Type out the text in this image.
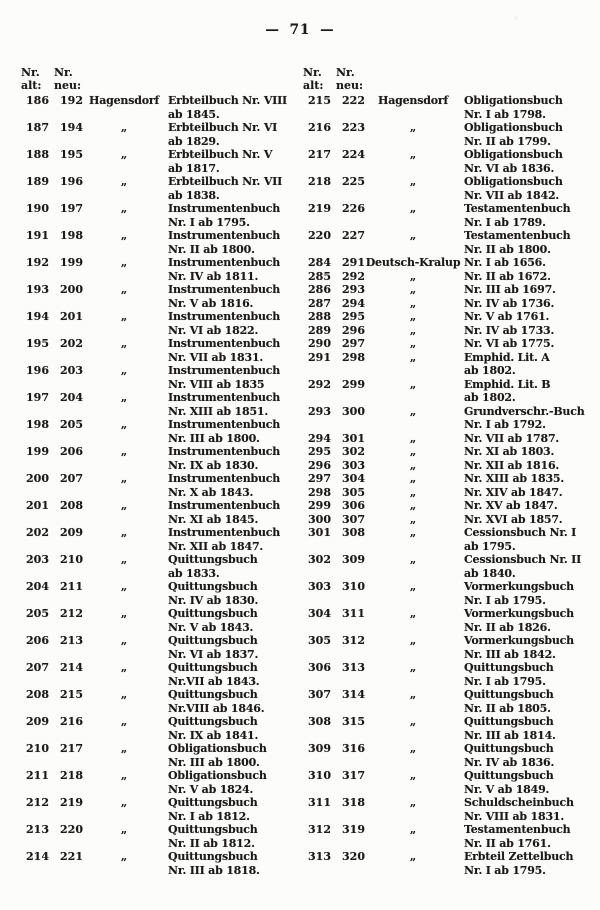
— 71 —
Nr.
alt:
Nr.
neu:
186	192 Hagensdorf Erbteilbuch Nr. VIII
ab 1845.
187	194	„	Erbteilbuch Nr. VI
ab 1829.
188	195	„	Erbteilbuch Nr. V
ab 1817.
189	196	„	Erbteilbuch Nr. VII
ab 1838.
190	197	„	Instrumentenbuch
Nr. I ab 1795.
191	198	„	Instrumentenbuch
Nr. II ab 1800.
192	199	„	Instrumentenbuch
Nr. IV ab 1811.
193	200	„	Instrumentenbuch
Nr. V ab 1816.
194	201	„	Instrumentenbuch
Nr. VI ab 1822.
195	202	„	Instrumentenbuch
Nr. VII ab 1831.
196	203	„	Instrumentenbuch
Nr. VIII ab 1835
197	204	„	Instrumentenbuch
Nr. XIII ab 1851.
198	205	„	Instrumentenbuch
Nr. III ab 1800.
199	206	„	Instrumentenbuch
Nr. IX ab 1830.
200	207	„	Instrumentenbuch
Nr. X ab 1843.
201	208	„	Instrumentenbuch
Nr. XI ab 1845.
202	209	„	Instrumentenbuch
Nr. XII ab 1847.
203	210	„	Quittungsbuch
ab 1833.
204	211	„	Quittungsbuch
Nr. IV ab 1830.
205	212	„	Quittungsbuch
Nr. V ab 1843.
206	213	„	Quittungsbuch
Nr. VI ab 1837.
207	214	„	Quittungsbuch
Nr.VII ab 1843.
208	215	„	Quittungsbuch
Nr.VIII ab 1846.
209	216	„	Quittungsbuch
Nr. IX ab 1841.
210	217	„	Obligationsbuch
Nr. III ab 1800.
211	218	„	Obligationsbuch
Nr. V ab 1824.
212	219	„	Quittungsbuch
Nr. I ab 1812.
213	220	„	Quittungsbuch
Nr. II ab 1812.
214	221	„	Quittungsbuch
Nr. III ab 1818.
Nr.
alt:
Nr.
neu:
215	222	Hagensdorf	Obligationsbuch
Nr. I ab 1798.
216	223	„	Obligationsbuch
Nr. II ab 1799.
217	224	„	Obligationsbuch
Nr. VI ab 1836.
218	225	„	Obligationsbuch
Nr. VII ab 1842.
219	226	„	Testamentenbuch
Nr. I ab 1789.
220	227	„	Testamentenbuch
Nr. II ab 1800.
284	291 Deutsch-Kralup Nr. I ab 1656.
285	292	„	Nr. II ab 1672.
286	293	„	Nr. III ab 1697.
287	294	„	Nr. IV ab 1736.
288	295	„	Nr. V ab 1761.
289	296	„	Nr. IV ab 1733.
290	297	„	Nr. VI ab 1775.
291	298	„	Emphid. Lit. A
ab 1802.
292	299	„	Emphid. Lit. B
ab 1802.
293	300	„	Grundverschr.-Buch
Nr. I ab 1792.
294	301	„	Nr. VII ab 1787.
295	302	„	Nr. XI ab 1803.
296	303	„	Nr. XII ab 1816.
297	304	„	Nr. XIII ab 1835.
298	305	„	Nr. XIV ab 1847.
299	306	„	Nr. XV ab 1847.
300	307	„	Nr. XVI ab 1857.
301	308	„	Cessionsbuch Nr. I
ab 1795.
302	309	„	Cessionsbuch Nr. II
ab 1840.
303	310	„	Vormerkungsbuch
Nr. I ab 1795.
304	311	„	Vormerkungsbuch
Nr. II ab 1826.
305	312	„	Vormerkungsbuch
Nr. III ab 1842.
306	313	„	Quittungsbuch
Nr. I ab 1795.
307	314	„	Quittungsbuch
Nr. II ab 1805.
308	315	„	Quittungsbuch
Nr. III ab 1814.
309	316	„	Quittungsbuch
Nr. IV ab 1836.
310	317	„	Quittungsbuch
Nr. V ab 1849.
311	318	„	Schuldscheinbuch
Nr. VIII ab 1831.
312	319	„	Testamentenbuch
Nr. II ab 1761.
313	320	„	Erbteil Zettelbuch
Nr. I ab 1795.
